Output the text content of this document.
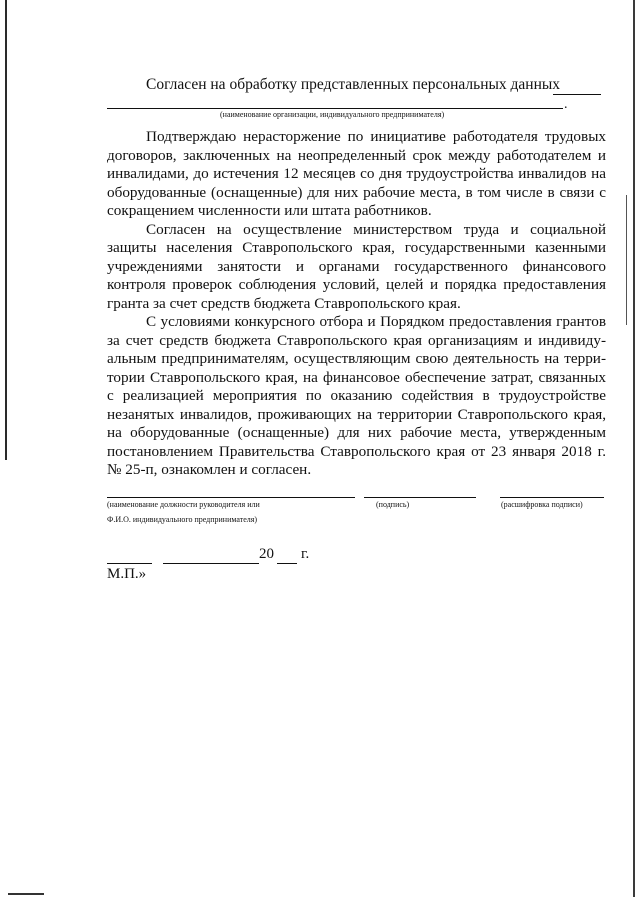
Согласен на обработку представленных персональных данных
.
(наименование организации, индивидуального предпринимателя)

Подтверждаю нерасторжение по инициативе работодателя трудовых договоров, заключенных на неопределенный срок между работодателем и инвалидами, до истечения 12 месяцев со дня трудоустройства инвалидов на оборудованные (оснащенные) для них рабочие места, в том числе в связи с сокращением численности или штата работников.

Согласен на осуществление министерством труда и социальной защиты населения Ставропольского края, государственными казенными учреждениями занятости и органами государственного финансового контроля проверок соблюдения условий, целей и порядка предоставления гранта за счет средств бюджета Ставропольского края.

С условиями конкурсного отбора и Порядком предоставления грантов за счет средств бюджета Ставропольского края организациям и индивидуальным предпринимателям, осуществляющим свою деятельность на территории Ставропольского края, на финансовое обеспечение затрат, связанных с реализацией мероприятия по оказанию содействия в трудоустройстве незанятых инвалидов, проживающих на территории Ставропольского края, на оборудованные (оснащенные) для них рабочие места, утвержденным постановлением Правительства Ставропольского края от 23 января 2018 г. № 25-п, ознакомлен и согласен.

(наименование должности руководителя или
Ф.И.О. индивидуального предпринимателя)
(подпись)	(расшифровка подписи)
20 г.
М.П.»
